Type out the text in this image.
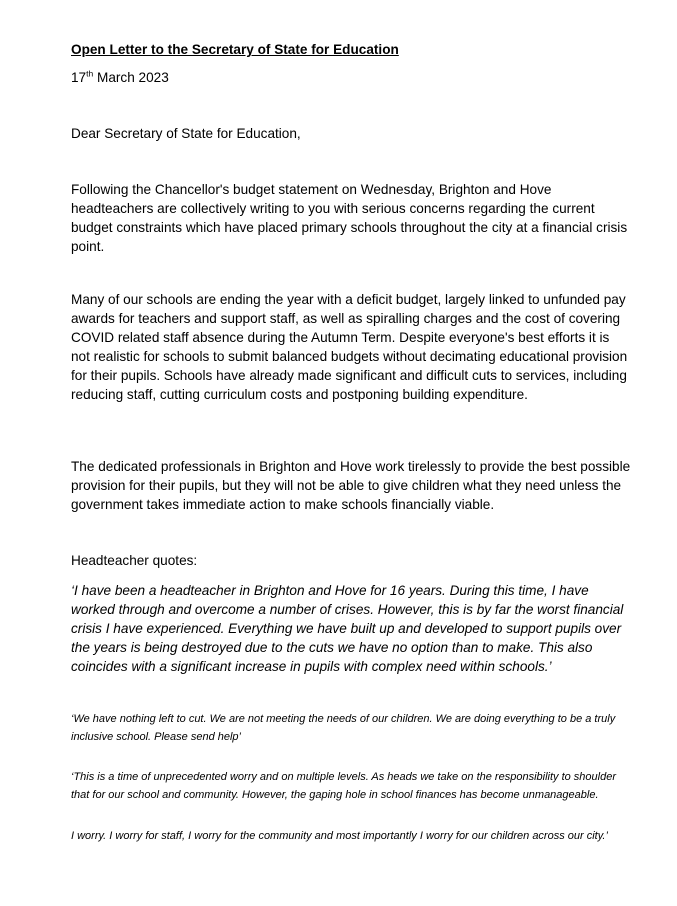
Open Letter to the Secretary of State for Education

17th March 2023

Dear Secretary of State for Education,

Following the Chancellor's budget statement on Wednesday, Brighton and Hove headteachers are collectively writing to you with serious concerns regarding the current budget constraints which have placed primary schools throughout the city at a financial crisis point.

Many of our schools are ending the year with a deficit budget, largely linked to unfunded pay awards for teachers and support staff, as well as spiralling charges and the cost of covering COVID related staff absence during the Autumn Term. Despite everyone's best efforts it is not realistic for schools to submit balanced budgets without decimating educational provision for their pupils. Schools have already made significant and difficult cuts to services, including reducing staff, cutting curriculum costs and postponing building expenditure.

The dedicated professionals in Brighton and Hove work tirelessly to provide the best possible provision for their pupils, but they will not be able to give children what they need unless the government takes immediate action to make schools financially viable.

Headteacher quotes:

‘I have been a headteacher in Brighton and Hove for 16 years. During this time, I have worked through and overcome a number of crises. However, this is by far the worst financial crisis I have experienced. Everything we have built up and developed to support pupils over the years is being destroyed due to the cuts we have no option than to make. This also coincides with a significant increase in pupils with complex need within schools.’

‘We have nothing left to cut. We are not meeting the needs of our children. We are doing everything to be a truly inclusive school. Please send help’

‘This is a time of unprecedented worry and on multiple levels. As heads we take on the responsibility to shoulder that for our school and community. However, the gaping hole in school finances has become unmanageable.

I worry. I worry for staff, I worry for the community and most importantly I worry for our children across our city.’
